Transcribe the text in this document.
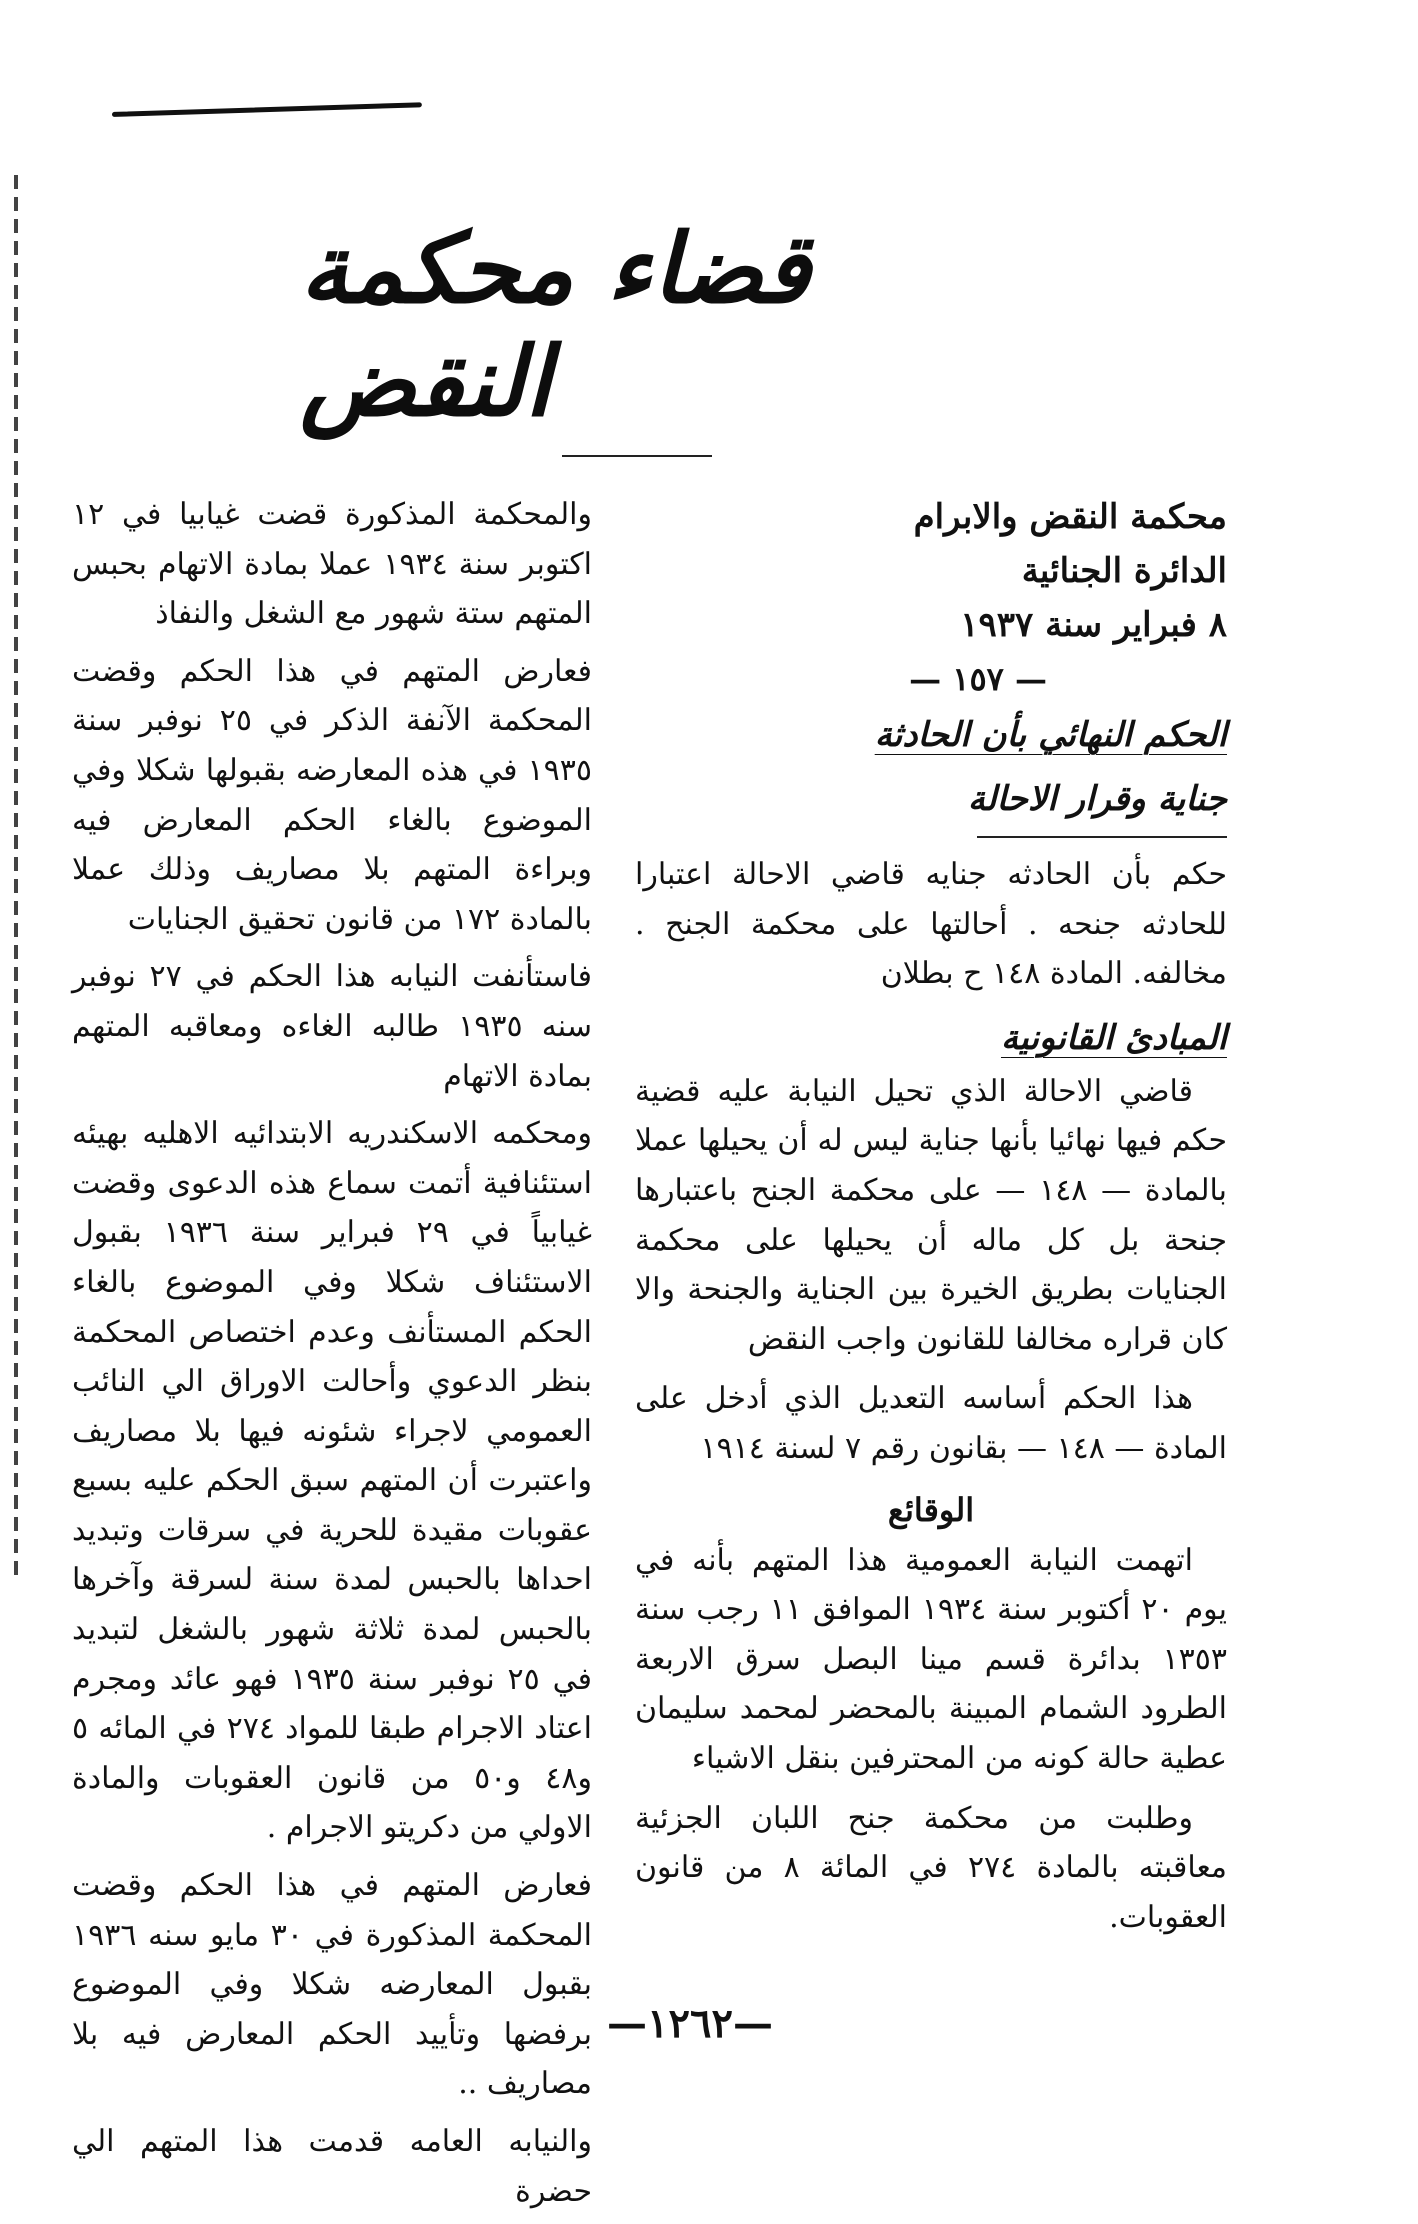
قضاء محكمة النقض
محكمة النقض والابرام
الدائرة الجنائية
٨ فبراير سنة ١٩٣٧
— ١٥٧ —
الحكم النهائي بأن الحادثة
جناية وقرار الاحالة

حكم بأن الحادثه جنايه قاضي الاحالة اعتبارا للحادثه جنحه . أحالتها على محكمة الجنح . مخالفه. المادة ١٤٨ ح بطلان

المبادئ القانونية

قاضي الاحالة الذي تحيل النيابة عليه قضية حكم فيها نهائيا بأنها جناية ليس له أن يحيلها عملا بالمادة — ١٤٨ — على محكمة الجنح باعتبارها جنحة بل كل ماله أن يحيلها على محكمة الجنايات بطريق الخيرة بين الجناية والجنحة والا كان قراره مخالفا للقانون واجب النقض

هذا الحكم أساسه التعديل الذي أدخل على المادة — ١٤٨ — بقانون رقم ٧ لسنة ١٩١٤

الوقائع

اتهمت النيابة العمومية هذا المتهم بأنه في يوم ٢٠ أكتوبر سنة ١٩٣٤ الموافق ١١ رجب سنة ١٣٥٣ بدائرة قسم مينا البصل سرق الاربعة الطرود الشمام المبينة بالمحضر لمحمد سليمان عطية حالة كونه من المحترفين بنقل الاشياء

وطلبت من محكمة جنح اللبان الجزئية معاقبته بالمادة ٢٧٤ في المائة ٨ من قانون العقوبات.

والمحكمة المذكورة قضت غيابيا في ١٢ اكتوبر سنة ١٩٣٤ عملا بمادة الاتهام بحبس المتهم ستة شهور مع الشغل والنفاذ

فعارض المتهم في هذا الحكم وقضت المحكمة الآنفة الذكر في ٢٥ نوفبر سنة ١٩٣٥ في هذه المعارضه بقبولها شكلا وفي الموضوع بالغاء الحكم المعارض فيه وبراءة المتهم بلا مصاريف وذلك عملا بالمادة ١٧٢ من قانون تحقيق الجنايات

فاستأنفت النيابه هذا الحكم في ٢٧ نوفبر سنه ١٩٣٥ طالبه الغاءه ومعاقبه المتهم بمادة الاتهام

ومحكمه الاسكندريه الابتدائيه الاهليه بهيئه استئنافية أتمت سماع هذه الدعوى وقضت غيابياً في ٢٩ فبراير سنة ١٩٣٦ بقبول الاستئناف شكلا وفي الموضوع بالغاء الحكم المستأنف وعدم اختصاص المحكمة بنظر الدعوي وأحالت الاوراق الي النائب العمومي لاجراء شئونه فيها بلا مصاريف واعتبرت أن المتهم سبق الحكم عليه بسبع عقوبات مقيدة للحرية في سرقات وتبديد احداها بالحبس لمدة سنة لسرقة وآخرها بالحبس لمدة ثلاثة شهور بالشغل لتبديد في ٢٥ نوفبر سنة ١٩٣٥ فهو عائد ومجرم اعتاد الاجرام طبقا للمواد ٢٧٤ في المائه ٥ و٤٨ و٥٠ من قانون العقوبات والمادة الاولي من دكريتو الاجرام .

فعارض المتهم في هذا الحكم وقضت المحكمة المذكورة في ٣٠ مايو سنه ١٩٣٦ بقبول المعارضه شكلا وفي الموضوع برفضها وتأييد الحكم المعارض فيه بلا مصاريف ..

والنيابه العامه قدمت هذا المتهم الي حضرة

—١٢٦٢—
